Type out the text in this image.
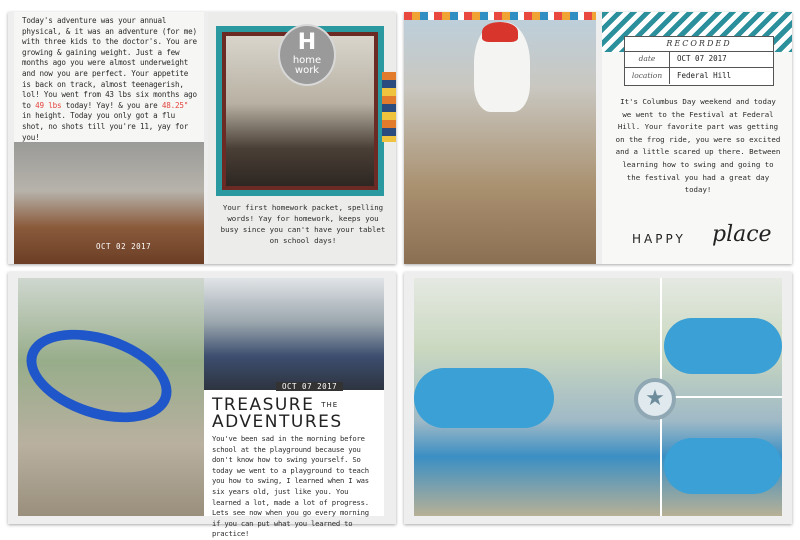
Today's adventure was your annual physical, & it was an adventure (for me) with three kids to the doctor's. You are growing & gaining weight. Just a few months ago you were almost underweight and now you are perfect. Your appetite is back on track, almost teenagerish, lol! You went from 43 lbs six months ago to 49 lbs today! Yay! & you are 48.25" in height. Today you only got a flu shot, no shots till you're 11, yay for you!
OCT 02 2017
H
home
work
Your first homework packet, spelling words! Yay for homework, keeps you busy since you can't have your tablet on school days!
RECORDED
date	OCT 07 2017
location	Federal Hill
It's Columbus Day weekend and today we went to the Festival at Federal Hill. Your favorite part was getting on the frog ride, you were so excited and a little scared up there. Between learning how to swing and going to the festival you had a great day today!
HAPPY place
OCT 07 2017
TREASURE $^{THE}$
ADVENTURES
You've been sad in the morning before school at the playground because you don't know how to swing yourself. So today we went to a playground to teach you how to swing, I learned when I was six years old, just like you. You learned a lot, made a lot of progress. Lets see now when you go every morning if you can put what you learned to practice!
★
